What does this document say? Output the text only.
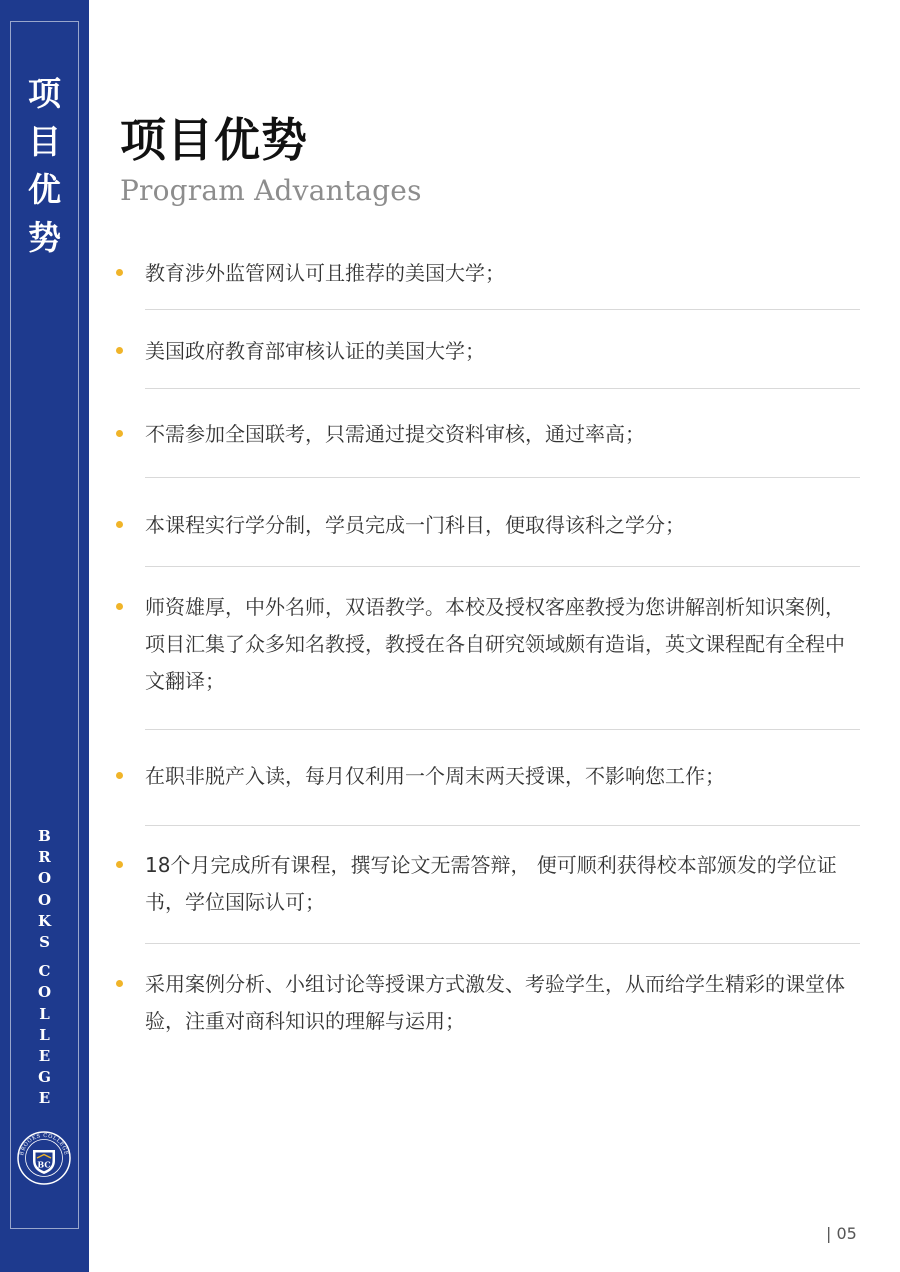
项
目
优
势
B
R
O
O
K
S
C
O
L
L
E
G
E
BROOKS COLLEGE
BC
项目优势
Program Advantages
教育涉外监管网认可且推荐的美国大学；
美国政府教育部审核认证的美国大学；
不需参加全国联考，只需通过提交资料审核，通过率高；
本课程实行学分制，学员完成一门科目，便取得该科之学分；
师资雄厚，中外名师，双语教学。本校及授权客座教授为您讲解剖析知识案例，项目汇集了众多知名教授，教授在各自研究领域颇有造诣，英文课程配有全程中文翻译；
在职非脱产入读，每月仅利用一个周末两天授课，不影响您工作；
18个月完成所有课程，撰写论文无需答辩， 便可顺利获得校本部颁发的学位证书，学位国际认可；
采用案例分析、小组讨论等授课方式激发、考验学生，从而给学生精彩的课堂体验，注重对商科知识的理解与运用；
| 05
